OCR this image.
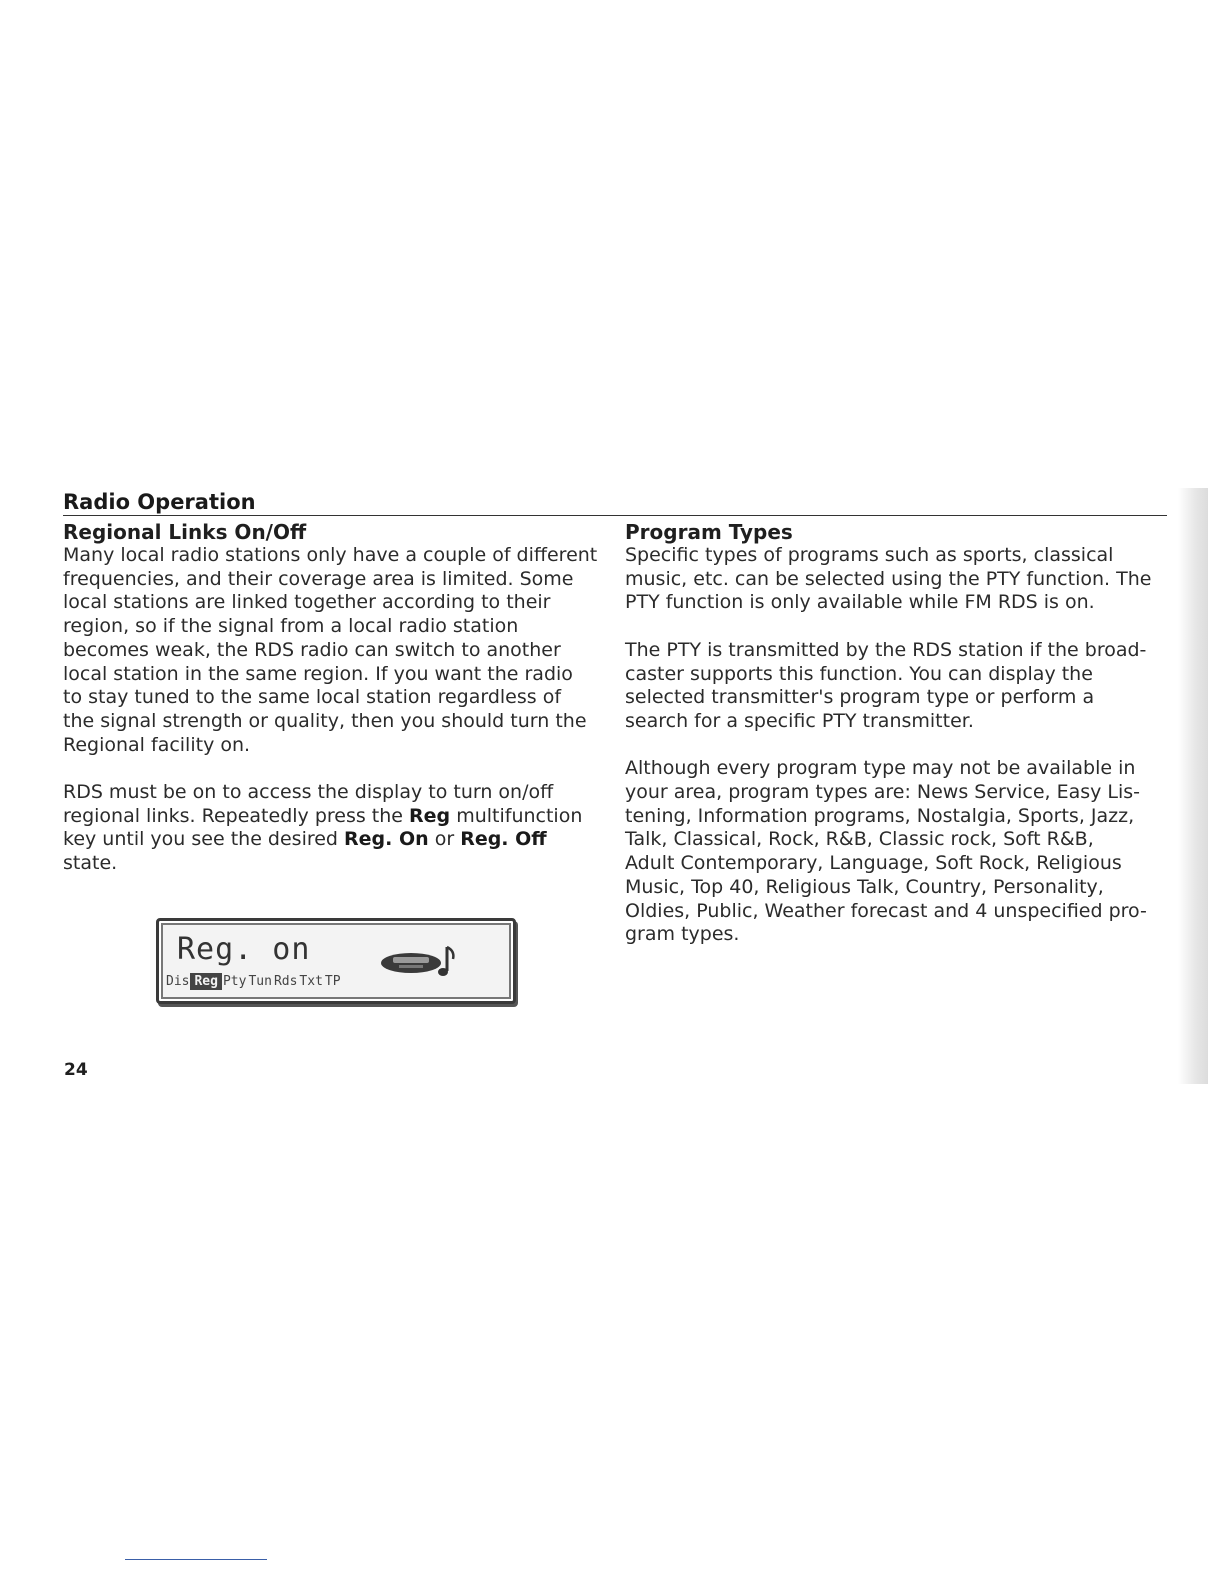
Radio Operation
Regional Links On/Off

Many local radio stations only have a couple of different
frequencies, and their coverage area is limited. Some
local stations are linked together according to their
region, so if the signal from a local radio station
becomes weak, the RDS radio can switch to another
local station in the same region. If you want the radio
to stay tuned to the same local station regardless of
the signal strength or quality, then you should turn the
Regional facility on.

RDS must be on to access the display to turn on/off
regional links. Repeatedly press the Reg multifunction
key until you see the desired Reg. On or Reg. Off
state.

Reg. on
Dis Reg Pty Tun Rds Txt TP
Program Types

Specific types of programs such as sports, classical
music, etc. can be selected using the PTY function. The
PTY function is only available while FM RDS is on.

The PTY is transmitted by the RDS station if the broad-
caster supports this function. You can display the
selected transmitter's program type or perform a
search for a specific PTY transmitter.

Although every program type may not be available in
your area, program types are: News Service, Easy Lis-
tening, Information programs, Nostalgia, Sports, Jazz,
Talk, Classical, Rock, R&B, Classic rock, Soft R&B,
Adult Contemporary, Language, Soft Rock, Religious
Music, Top 40, Religious Talk, Country, Personality,
Oldies, Public, Weather forecast and 4 unspecified pro-
gram types.

24
